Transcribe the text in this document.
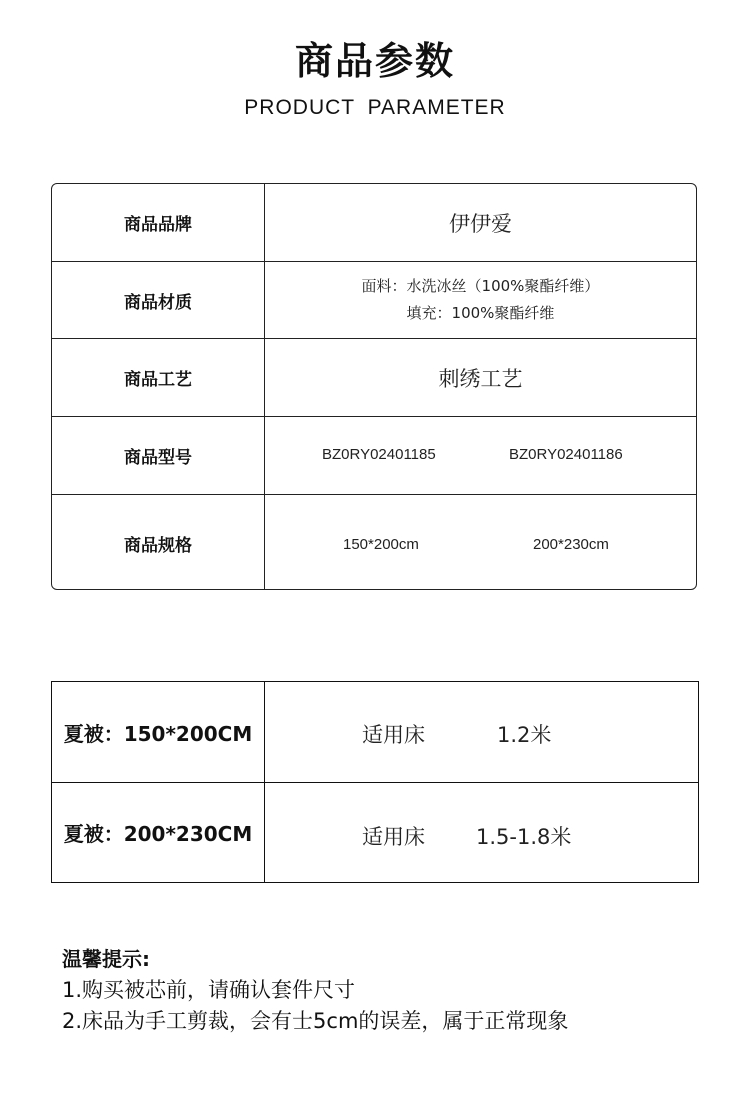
商品参数
PRODUCT PARAMETER
商品品牌	伊伊爱
商品材质
面料：水洗冰丝（100%聚酯纤维）
填充：100%聚酯纤维
商品工艺	刺绣工艺
商品型号	BZ0RY02401185	BZ0RY02401186
商品规格	150*200cm	200*230cm
夏被：150*200CM	适用床	1.2米
夏被：200*230CM	适用床 1.5-1.8米
温馨提示:
1.购买被芯前，请确认套件尺寸
2.床品为手工剪裁，会有士5cm的误差，属于正常现象
